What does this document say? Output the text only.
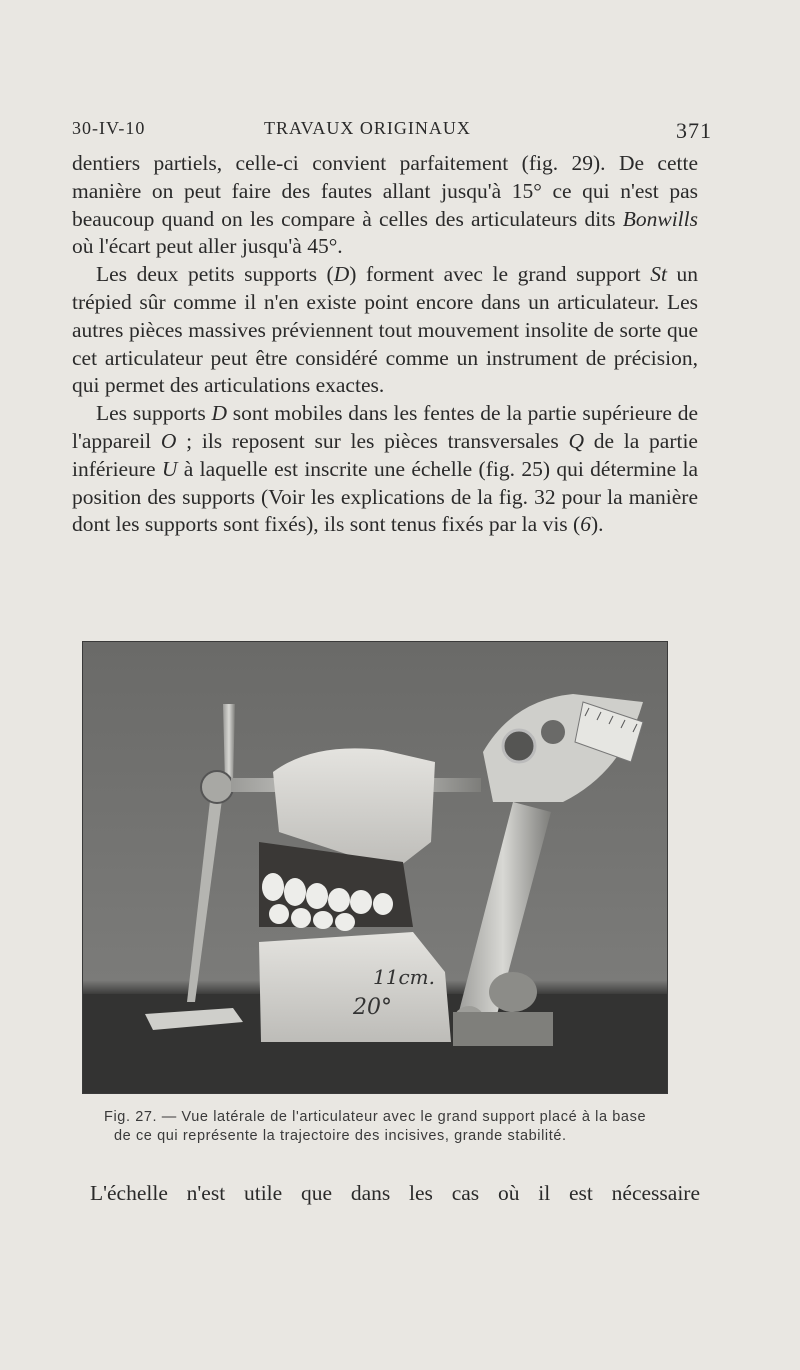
30-IV-10	TRAVAUX ORIGINAUX	371

dentiers partiels, celle-ci convient parfaitement (fig. 29). De cette manière on peut faire des fautes allant jusqu'à 15° ce qui n'est pas beaucoup quand on les compare à celles des articulateurs dits Bonwills où l'écart peut aller jusqu'à 45°.

Les deux petits supports (D) forment avec le grand support St un trépied sûr comme il n'en existe point encore dans un articulateur. Les autres pièces massives préviennent tout mouvement insolite de sorte que cet articulateur peut être considéré comme un instrument de précision, qui permet des articulations exactes.

Les supports D sont mobiles dans les fentes de la partie supérieure de l'appareil O ; ils reposent sur les pièces transversales Q de la partie inférieure U à laquelle est inscrite une échelle (fig. 25) qui détermine la position des supports (Voir les explications de la fig. 32 pour la manière dont les supports sont fixés), ils sont tenus fixés par la vis (6).

11cm.
20°
Fig. 27. — Vue latérale de l'articulateur avec le grand support placé à la base
de ce qui représente la trajectoire des incisives, grande stabilité.
L'échelle n'est utile que dans les cas où il est nécessaire
